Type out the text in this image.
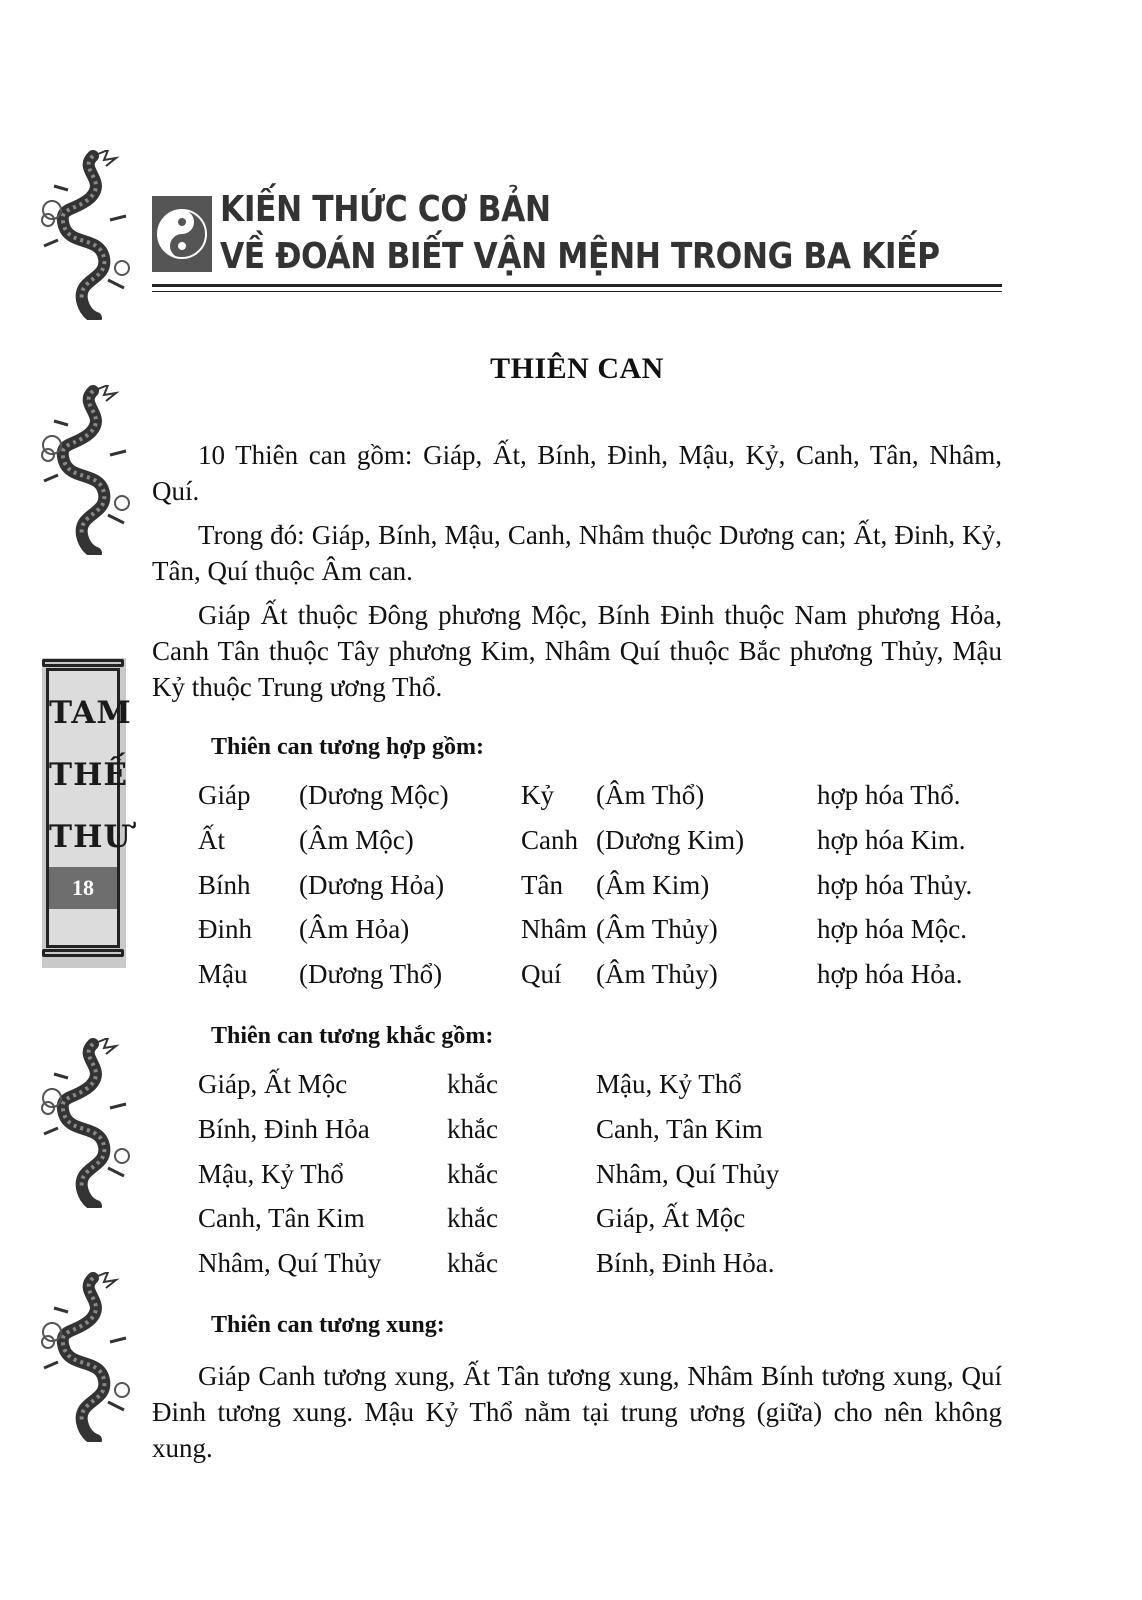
TAM
THẾ
THƯ
18
KIẾN THỨC CƠ BẢN
VỀ ĐOÁN BIẾT VẬN MỆNH TRONG BA KIẾP
THIÊN CAN

10 Thiên can gồm: Giáp, Ất, Bính, Đinh, Mậu, Kỷ, Canh, Tân, Nhâm, Quí.

Trong đó: Giáp, Bính, Mậu, Canh, Nhâm thuộc Dương can; Ất, Đinh, Kỷ, Tân, Quí thuộc Âm can.

Giáp Ất thuộc Đông phương Mộc, Bính Đinh thuộc Nam phương Hỏa, Canh Tân thuộc Tây phương Kim, Nhâm Quí thuộc Bắc phương Thủy, Mậu Kỷ thuộc Trung ương Thổ.

Thiên can tương hợp gồm:
Giáp (Dương Mộc)	Kỷ (Âm Thổ)	hợp hóa Thổ.
Ất	(Âm Mộc)	Canh (Dương Kim)	hợp hóa Kim.
Bính (Dương Hỏa)	Tân (Âm Kim)	hợp hóa Thủy.
Đinh (Âm Hỏa)	Nhâm (Âm Thủy)	hợp hóa Mộc.
Mậu (Dương Thổ)	Quí (Âm Thủy)	hợp hóa Hỏa.
Thiên can tương khắc gồm:
Giáp, Ất Mộc	khắc	Mậu, Kỷ Thổ
Bính, Đinh Hỏa	khắc	Canh, Tân Kim
Mậu, Kỷ Thổ	khắc	Nhâm, Quí Thủy
Canh, Tân Kim	khắc	Giáp, Ất Mộc
Nhâm, Quí Thủy khắc	Bính, Đinh Hỏa.
Thiên can tương xung:

Giáp Canh tương xung, Ất Tân tương xung, Nhâm Bính tương xung, Quí Đinh tương xung. Mậu Kỷ Thổ nằm tại trung ương (giữa) cho nên không xung.
